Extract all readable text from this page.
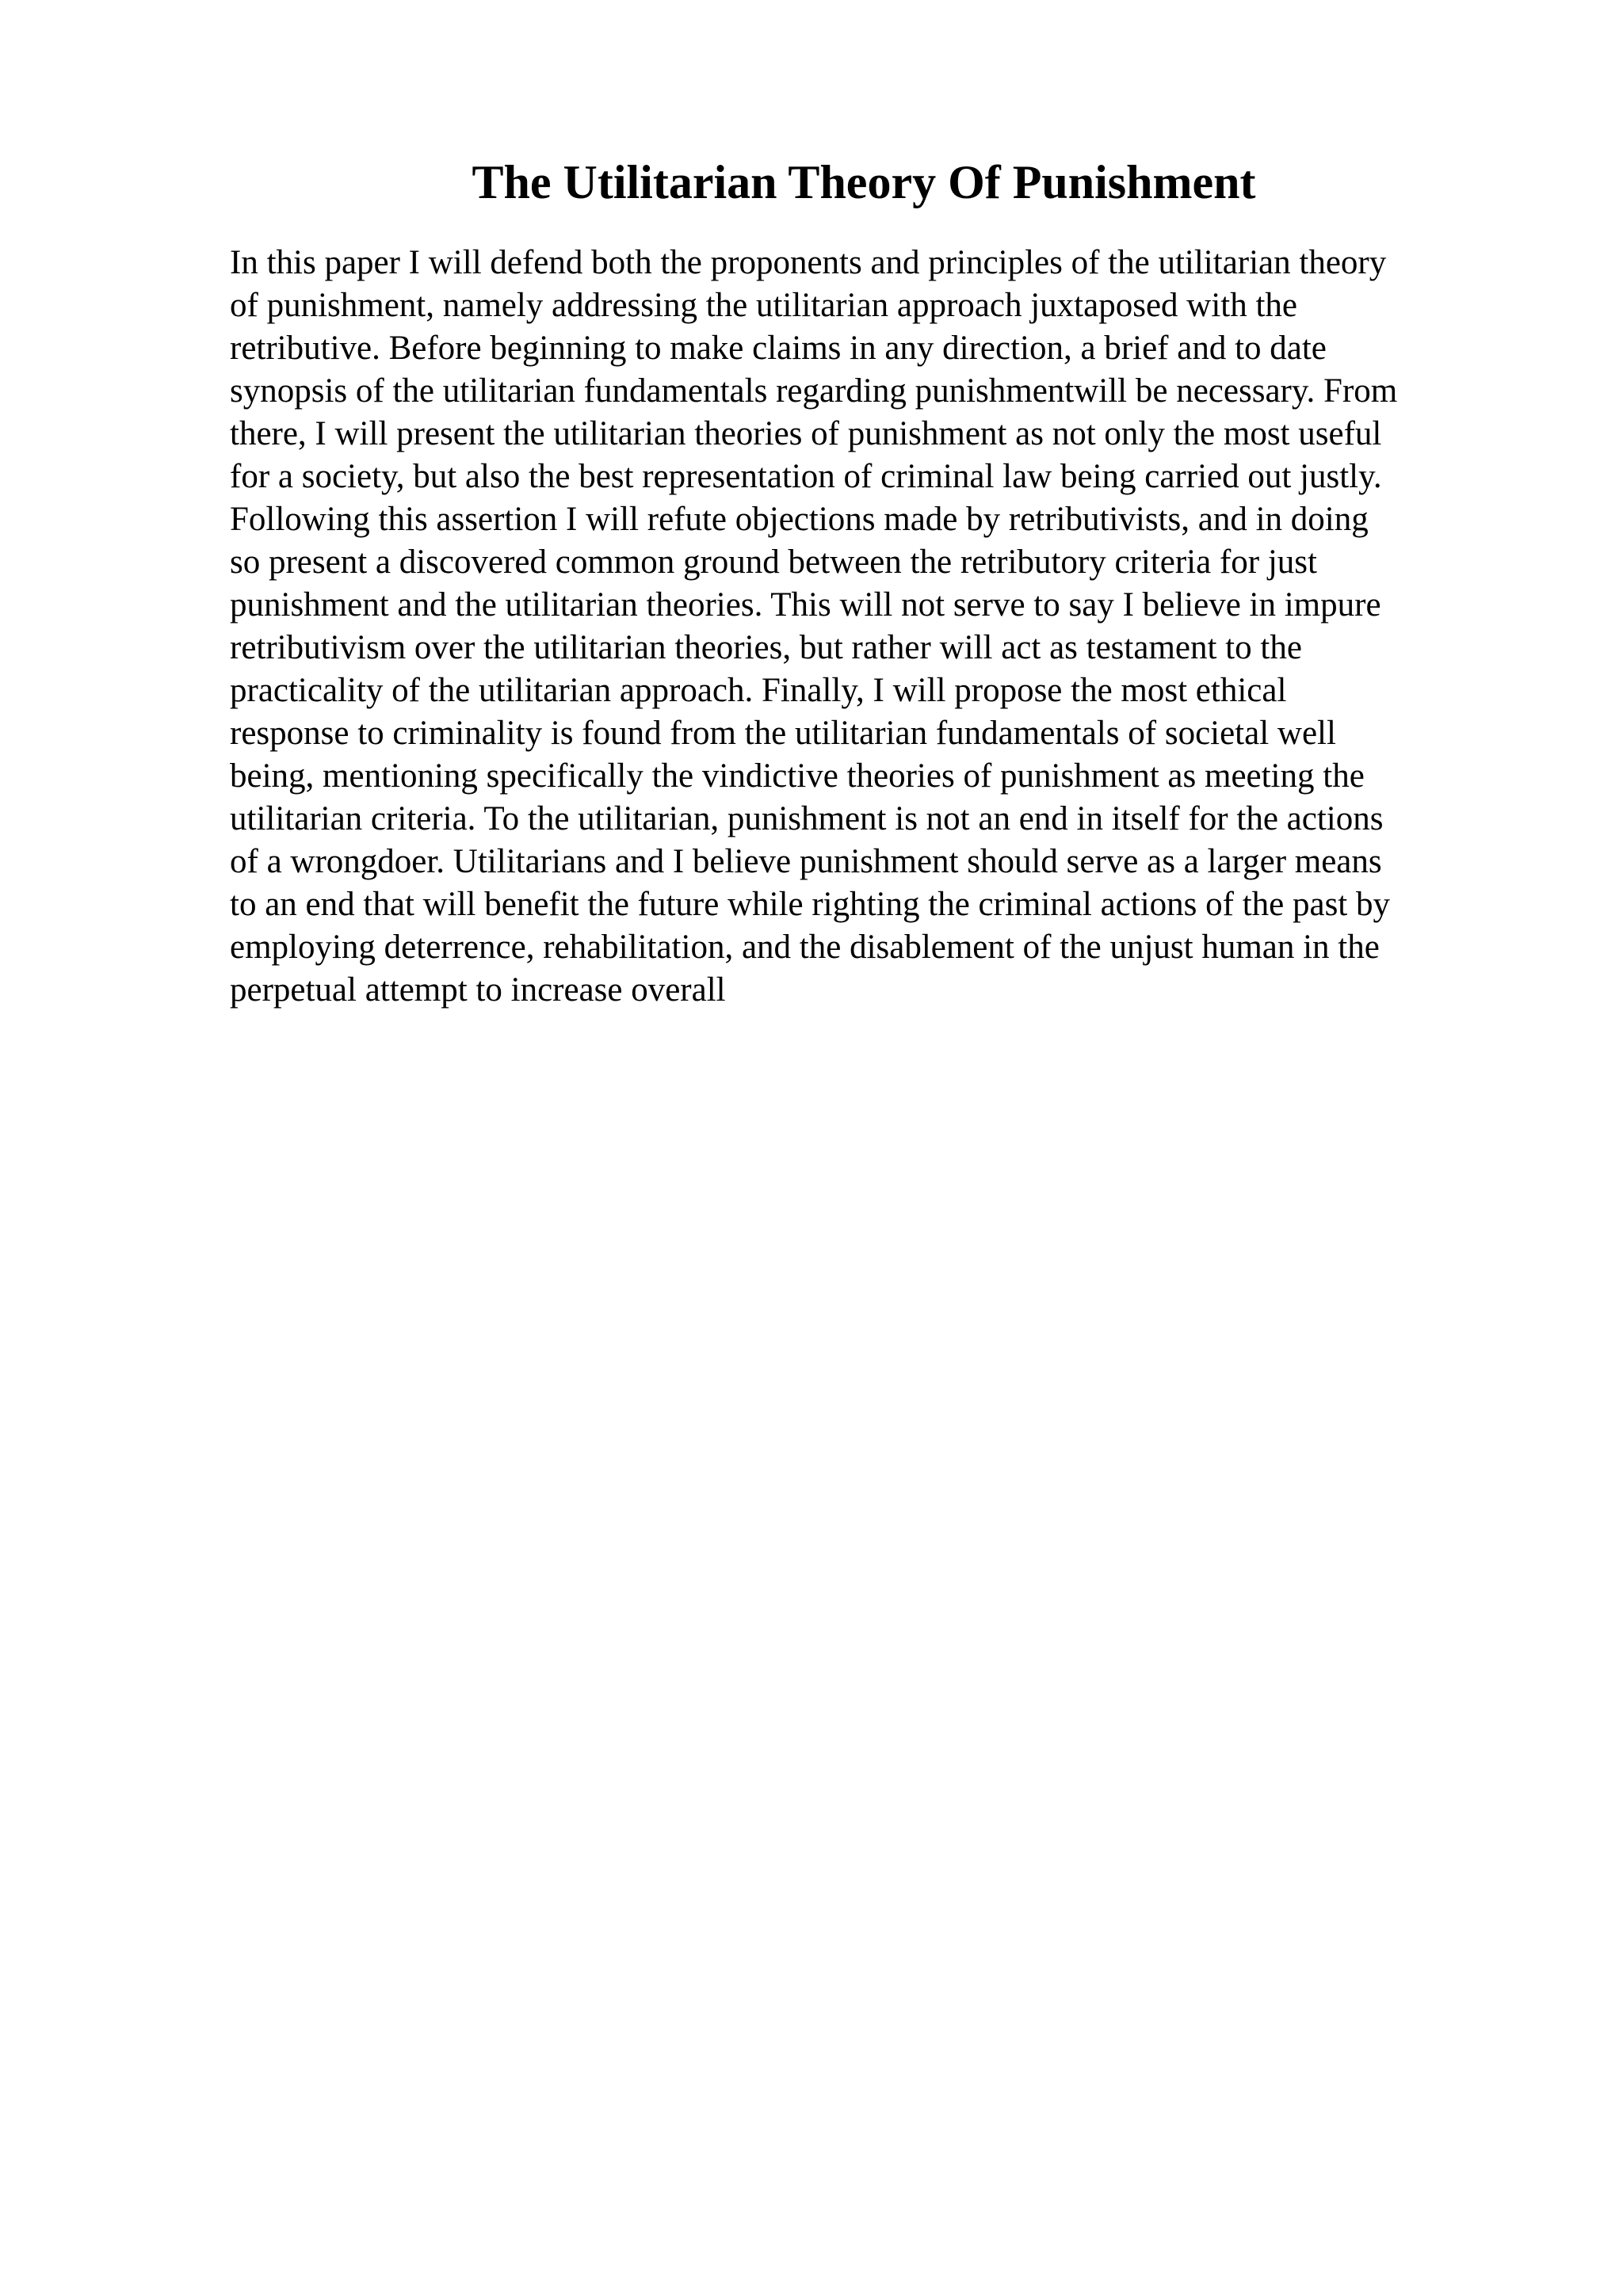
The Utilitarian Theory Of Punishment
In this paper I will defend both the proponents and principles of the utilitarian theory
of punishment, namely addressing the utilitarian approach juxtaposed with the
retributive. Before beginning to make claims in any direction, a brief and to date
synopsis of the utilitarian fundamentals regarding punishmentwill be necessary. From
there, I will present the utilitarian theories of punishment as not only the most useful
for a society, but also the best representation of criminal law being carried out justly.
Following this assertion I will refute objections made by retributivists, and in doing
so present a discovered common ground between the retributory criteria for just
punishment and the utilitarian theories. This will not serve to say I believe in impure
retributivism over the utilitarian theories, but rather will act as testament to the
practicality of the utilitarian approach. Finally, I will propose the most ethical
response to criminality is found from the utilitarian fundamentals of societal well
being, mentioning specifically the vindictive theories of punishment as meeting the
utilitarian criteria. To the utilitarian, punishment is not an end in itself for the actions
of a wrongdoer. Utilitarians and I believe punishment should serve as a larger means
to an end that will benefit the future while righting the criminal actions of the past by
employing deterrence, rehabilitation, and the disablement of the unjust human in the
perpetual attempt to increase overall
